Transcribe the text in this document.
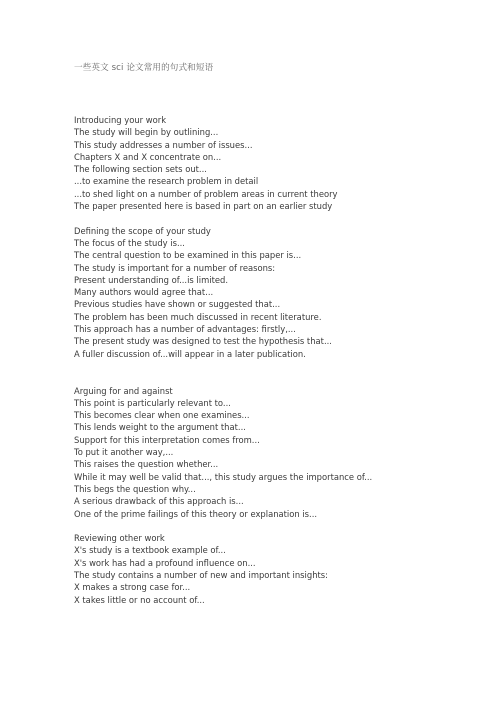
一些英文 sci 论文常用的句式和短语
Introducing your work
The study will begin by outlining...
This study addresses a number of issues...
Chapters X and X concentrate on...
The following section sets out...
...to examine the research problem in detail
...to shed light on a number of problem areas in current theory
The paper presented here is based in part on an earlier study
Defining the scope of your study
The focus of the study is...
The central question to be examined in this paper is...
The study is important for a number of reasons:
Present understanding of...is limited.
Many authors would agree that...
Previous studies have shown or suggested that...
The problem has been much discussed in recent literature.
This approach has a number of advantages: firstly,...
The present study was designed to test the hypothesis that...
A fuller discussion of...will appear in a later publication.
Arguing for and against
This point is particularly relevant to...
This becomes clear when one examines...
This lends weight to the argument that...
Support for this interpretation comes from...
To put it another way,...
This raises the question whether...
While it may well be valid that..., this study argues the importance of...
This begs the question why...
A serious drawback of this approach is...
One of the prime failings of this theory or explanation is...
Reviewing other work
X's study is a textbook example of...
X's work has had a profound influence on...
The study contains a number of new and important insights:
X makes a strong case for...
X takes little or no account of...
